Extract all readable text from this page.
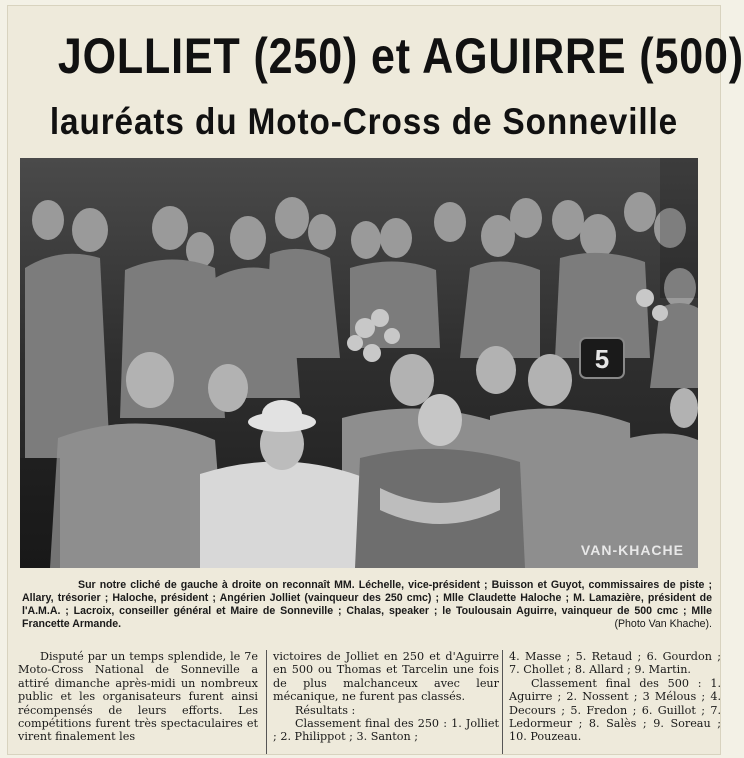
JOLLIET (250) et AGUIRRE (500)
lauréats du Moto-Cross de Sonneville
5
VAN-KHACHE
Sur notre cliché de gauche à droite on reconnaît MM. Léchelle, vice-président ; Buisson et Guyot, commissaires de piste ; Allary, trésorier ; Haloche, président ; Angérien Jolliet (vainqueur des 250 cmc) ; Mlle Claudette Haloche ; M. Lamazière, président de l'A.M.A. ; Lacroix, conseiller général et Maire de Sonneville ; Chalas, speaker ; le Toulousain Aguirre, vainqueur de 500 cmc ; Mlle Francette Armande.	(Photo Van Khache).

Disputé par un temps splendide, le 7e Moto-Cross National de Sonneville a attiré dimanche après-midi un nombreux public et les organisateurs furent ainsi récompensés de leurs efforts. Les compétitions furent très spectaculaires et virent finalement les

victoires de Jolliet en 250 et d'Aguirre en 500 ou Thomas et Tarcelin une fois de plus malchanceux avec leur mécanique, ne furent pas classés.

Résultats :

Classement final des 250 : 1. Jolliet ; 2. Philippot ; 3. Santon ;

4. Masse ; 5. Retaud ; 6. Gourdon ; 7. Chollet ; 8. Allard ; 9. Martin.

Classement final des 500 : 1. Aguirre ; 2. Nossent ; 3 Mélous ; 4. Decours ; 5. Fredon ; 6. Guillot ; 7. Ledormeur ; 8. Salès ; 9. Soreau ; 10. Pouzeau.
